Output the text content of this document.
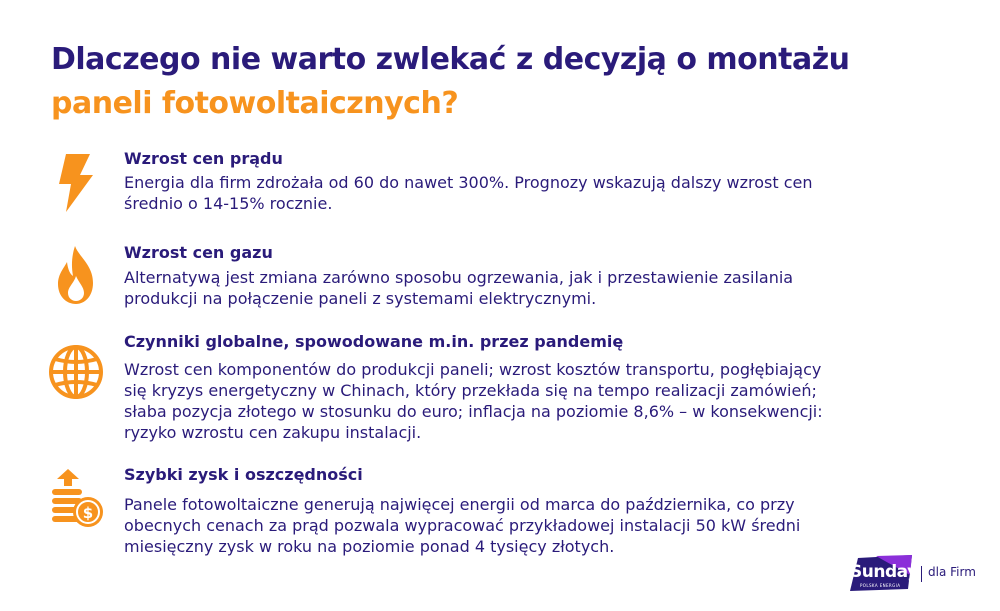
Dlaczego nie warto zwlekać z decyzją o montażu
paneli fotowoltaicznych?
Wzrost cen prądu
Energia dla firm zdrożała od 60 do nawet 300%. Prognozy wskazują dalszy wzrost cen
średnio o 14-15% rocznie.
Wzrost cen gazu
Alternatywą jest zmiana zarówno sposobu ogrzewania, jak i przestawienie zasilania
produkcji na połączenie paneli z systemami elektrycznymi.
Czynniki globalne, spowodowane m.in. przez pandemię
Wzrost cen komponentów do produkcji paneli; wzrost kosztów transportu, pogłębiający
się kryzys energetyczny w Chinach, który przekłada się na tempo realizacji zamówień;
słaba pozycja złotego w stosunku do euro; inflacja na poziomie 8,6% – w konsekwencji:
ryzyko wzrostu cen zakupu instalacji.
$
Szybki zysk i oszczędności
Panele fotowoltaiczne generują najwięcej energii od marca do października, co przy
obecnych cenach za prąd pozwala wypracować przykładowej instalacji 50 kW średni
miesięczny zysk w roku na poziomie ponad 4 tysięcy złotych.
Sunday
POLSKA ENERGIA
dla Firm
